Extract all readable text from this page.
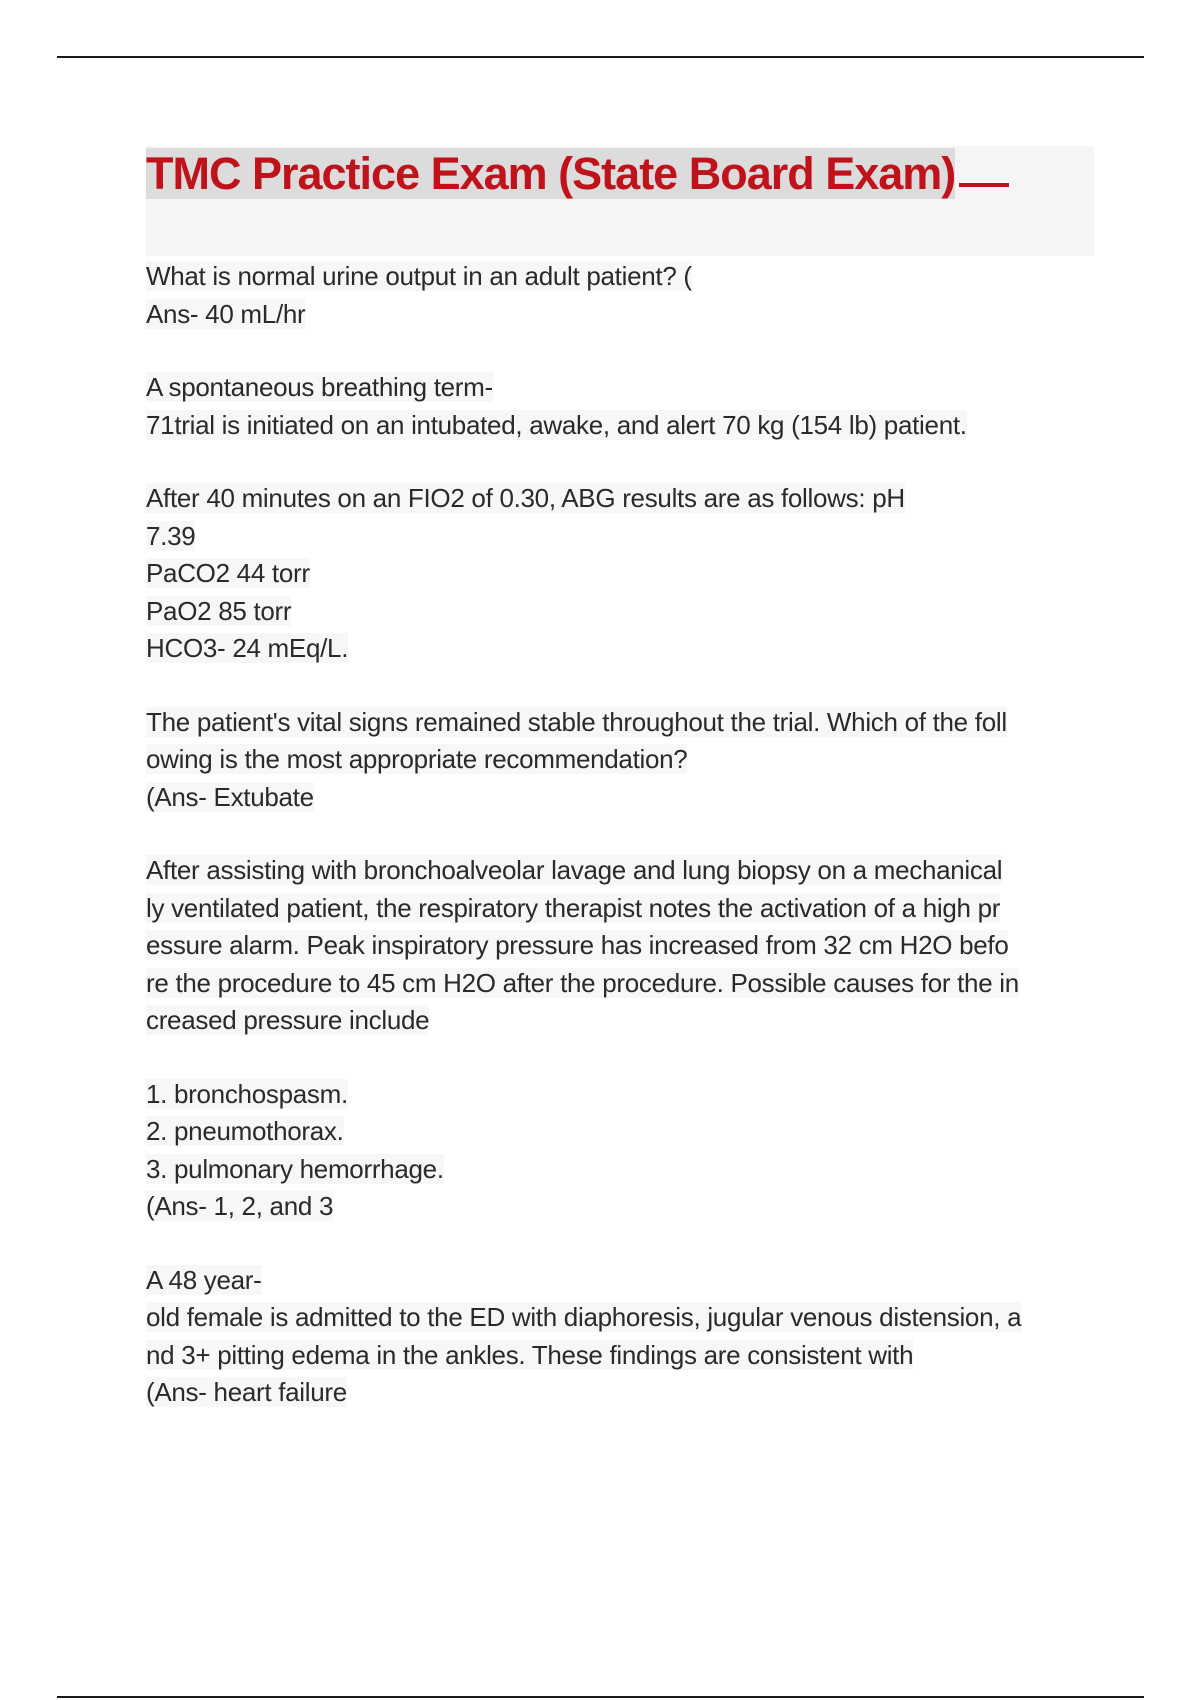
TMC Practice Exam (State Board Exam)
What is normal urine output in an adult patient? (
Ans- 40 mL/hr
A spontaneous breathing term-
71trial is initiated on an intubated, awake, and alert 70 kg (154 lb) patient.
After 40 minutes on an FIO2 of 0.30, ABG results are as follows: pH
7.39
PaCO2 44 torr
PaO2 85 torr
HCO3- 24 mEq/L.
The patient's vital signs remained stable throughout the trial. Which of the foll
owing is the most appropriate recommendation?
(Ans- Extubate
After assisting with bronchoalveolar lavage and lung biopsy on a mechanical
ly ventilated patient, the respiratory therapist notes the activation of a high pr
essure alarm. Peak inspiratory pressure has increased from 32 cm H2O befo
re the procedure to 45 cm H2O after the procedure. Possible causes for the in
creased pressure include
1. bronchospasm.
2. pneumothorax.
3. pulmonary hemorrhage.
(Ans- 1, 2, and 3
A 48 year-
old female is admitted to the ED with diaphoresis, jugular venous distension, a
nd 3+ pitting edema in the ankles. These findings are consistent with
(Ans- heart failure
